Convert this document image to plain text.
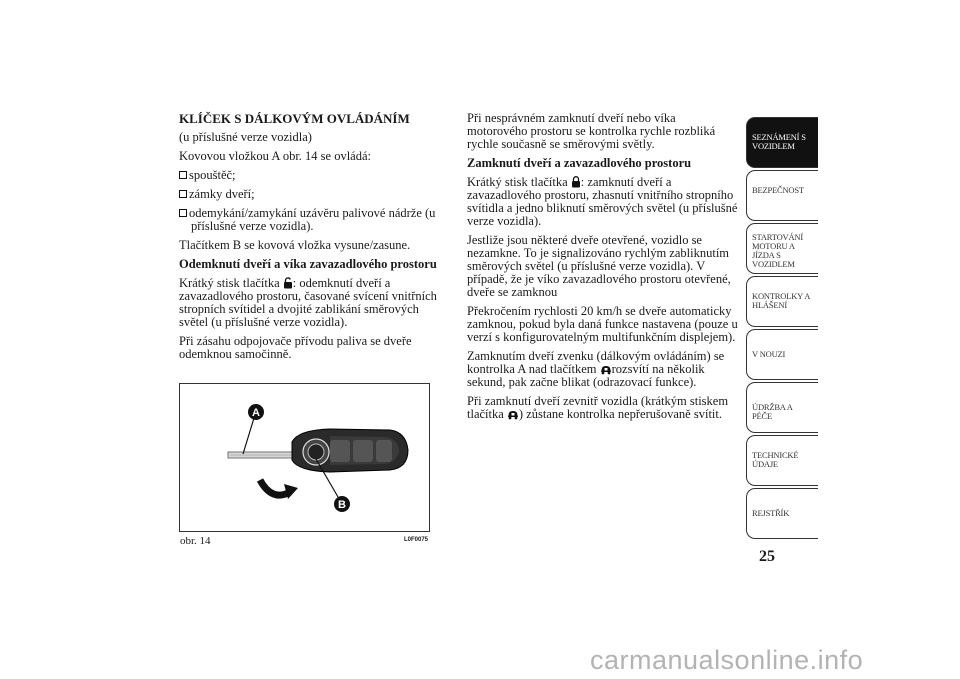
KLÍČEK S DÁLKOVÝM OVLÁDÁNÍM

(u příslušné verze vozidla)

Kovovou vložkou A obr. 14 se ovládá:

spouštěč;

zámky dveří;

odemykání/zamykání uzávěru palivové nádrže (u příslušné verze vozidla).

Tlačítkem B se kovová vložka vysune/zasune.

Odemknutí dveří a víka zavazadlového prostoru

Krátký stisk tlačítka : odemknutí dveří a zavazadlového prostoru, časované svícení vnitřních stropních svítidel a dvojité zablikání směrových světel (u příslušné verze vozidla).

Při zásahu odpojovače přívodu paliva se dveře odemknou samočinně.

A
B
obr. 14	L0F0075

Při nesprávném zamknutí dveří nebo víka motorového prostoru se kontrolka rychle rozbliká rychle současně se směrovými světly.

Zamknutí dveří a zavazadlového prostoru

Krátký stisk tlačítka : zamknutí dveří a zavazadlového prostoru, zhasnutí vnitřního stropního svítidla a jedno bliknutí směrových světel (u příslušné verze vozidla).

Jestliže jsou některé dveře otevřené, vozidlo se nezamkne. To je signalizováno rychlým zabliknutím směrových světel (u příslušné verze vozidla). V případě, že je víko zavazadlového prostoru otevřené, dveře se zamknou

Překročením rychlosti 20 km/h se dveře automaticky zamknou, pokud byla daná funkce nastavena (pouze u verzí s konfigurovatelným multifunkčním displejem).

Zamknutím dveří zvenku (dálkovým ovládáním) se kontrolka A nad tlačítkem rozsvítí na několik sekund, pak začne blikat (odrazovací funkce).

Při zamknutí dveří zevnitř vozidla (krátkým stiskem tlačítka ) zůstane kontrolka nepřerušovaně svítit.

SEZNÁMENÍ S VOZIDLEM
BEZPEČNOST
STARTOVÁNÍ MOTORU A JÍZDA S VOZIDLEM
KONTROLKY A HLÁŠENÍ
V NOUZI
ÚDRŽBA A PÉČE
TECHNICKÉ ÚDAJE
REJSTŘÍK
25
carmanualsonline.info
